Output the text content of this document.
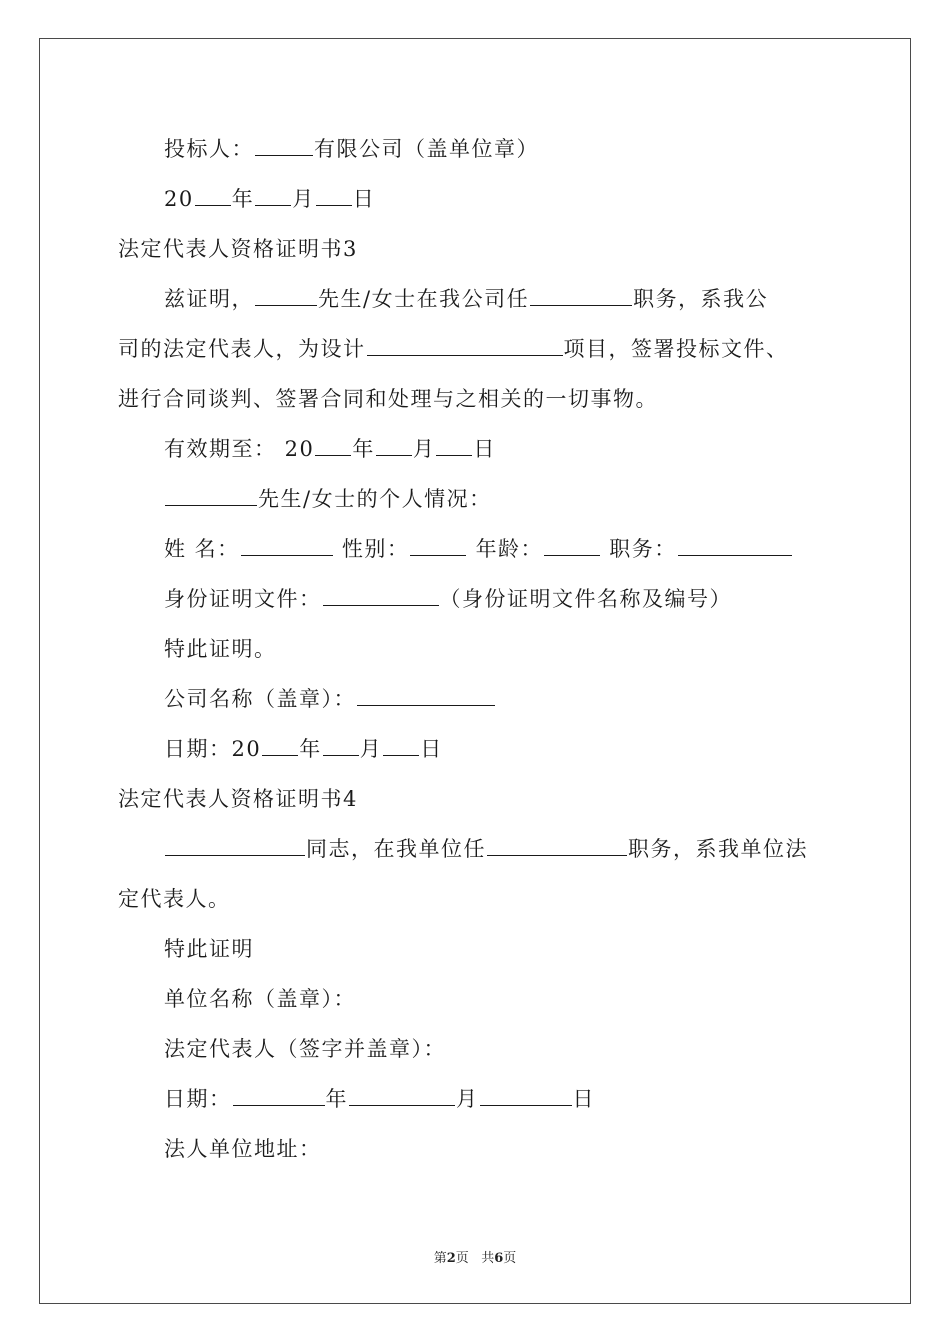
投标人：	有限公司（盖单位章）
20 年 月 日
法定代表人资格证明书3
兹证明，	先生/女士在我公司任	职务，系我公
司的法定代表人，为设计	项目，签署投标文件、
进行合同谈判、签署合同和处理与之相关的一切事物。
有效期至： 20 年 月 日
先生/女士的个人情况：
姓 名：	性别：	年龄：	职务：
身份证明文件：	（身份证明文件名称及编号）
特此证明。
公司名称（盖章）：
日期：20 年 月 日
法定代表人资格证明书4
同志，在我单位任	职务，系我单位法
定代表人。
特此证明
单位名称（盖章）：
法定代表人（签字并盖章）：
日期：	年	月	日
法人单位地址：
第2页 共6页
